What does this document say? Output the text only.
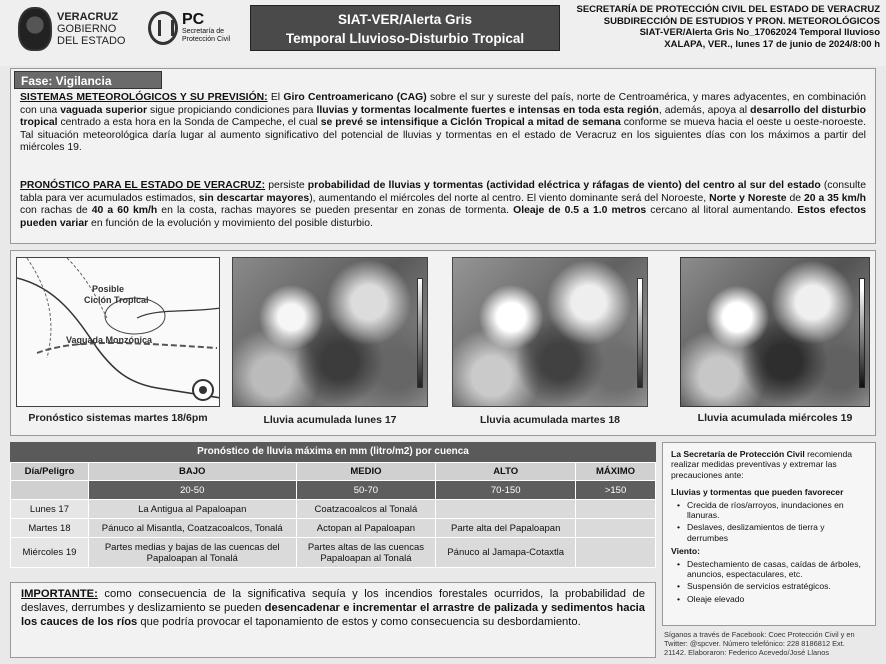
VERACRUZ
GOBIERNO
DEL ESTADO
PC
Secretaría de
Protección Civil
SIAT-VER/Alerta Gris
Temporal Lluvioso-Disturbio Tropical
SECRETARÍA DE PROTECCIÓN CIVIL DEL ESTADO DE VERACRUZ
SUBDIRECCIÓN DE ESTUDIOS Y PRON. METEOROLÓGICOS
SIAT-VER/Alerta Gris No_17062024 Temporal lluvioso
XALAPA, VER., lunes 17 de junio de 2024/8:00 h
Fase: Vigilancia
SISTEMAS METEOROLÓGICOS Y SU PREVISIÓN: El Giro Centroamericano (CAG) sobre el sur y sureste del país, norte de Centroamérica, y mares adyacentes, en combinación con una vaguada superior sigue propiciando condiciones para lluvias y tormentas localmente fuertes e intensas en toda esta región, además, apoya al desarrollo del disturbio tropical centrado a esta hora en la Sonda de Campeche, el cual se prevé se intensifique a Ciclón Tropical a mitad de semana conforme se mueva hacia el oeste u oeste-noroeste. Tal situación meteorológica daría lugar al aumento significativo del potencial de lluvias y tormentas en el estado de Veracruz en los siguientes días con los máximos a partir del miércoles 19.
PRONÓSTICO PARA EL ESTADO DE VERACRUZ: persiste probabilidad de lluvias y tormentas (actividad eléctrica y ráfagas de viento) del centro al sur del estado (consulte tabla para ver acumulados estimados, sin descartar mayores), aumentando el miércoles del norte al centro. El viento dominante será del Noroeste, Norte y Noreste de 20 a 35 km/h con rachas de 40 a 60 km/h en la costa, rachas mayores se pueden presentar en zonas de tormenta. Oleaje de 0.5 a 1.0 metros cercano al litoral aumentando. Estos efectos pueden variar en función de la evolución y movimiento del posible disturbio.
Posible
Ciclón Tropical
Vaguada Monzónica
Pronóstico sistemas martes 18/6pm	Lluvia acumulada lunes 17	Lluvia acumulada martes 18	Lluvia acumulada miércoles 19
Pronóstico de lluvia máxima en mm (litro/m2) por cuenca
Día/Peligro	BAJO	MEDIO	ALTO	MÁXIMO
	20-50	50-70	70-150	>150
Lunes 17	La Antigua al Papaloapan	Coatzacoalcos al Tonalá		
Martes 18	Pánuco al Misantla, Coatzacoalcos, Tonalá	Actopan al Papaloapan	Parte alta del Papaloapan	
Miércoles 19	Partes medias y bajas de las cuencas del Papaloapan al Tonalá	Partes altas de las cuencas Papaloapan al Tonalá	Pánuco al Jamapa-Cotaxtla	

La Secretaría de Protección Civil recomienda realizar medidas preventivas y extremar las precauciones ante:

Lluvias y tormentas que pueden favorecer
• Crecida de ríos/arroyos, inundaciones en llanuras.
• Deslaves, deslizamientos de tierra y derrumbes
Viento:
• Destechamiento de casas, caídas de árboles, anuncios, espectaculares, etc.
• Suspensión de servicios estratégicos.
• Oleaje elevado
Síganos a través de Facebook: Coec Protección Civil y en
Twitter: @spcver. Número telefónico: 228 8186812 Ext.
21142. Elaboraron: Federico Acevedo/José Llanos
IMPORTANTE: como consecuencia de la significativa sequía y los incendios forestales ocurridos, la probabilidad de deslaves, derrumbes y deslizamiento se pueden desencadenar e incrementar el arrastre de palizada y sedimentos hacia los cauces de los ríos que podría provocar el taponamiento de estos y como consecuencia su desbordamiento.
